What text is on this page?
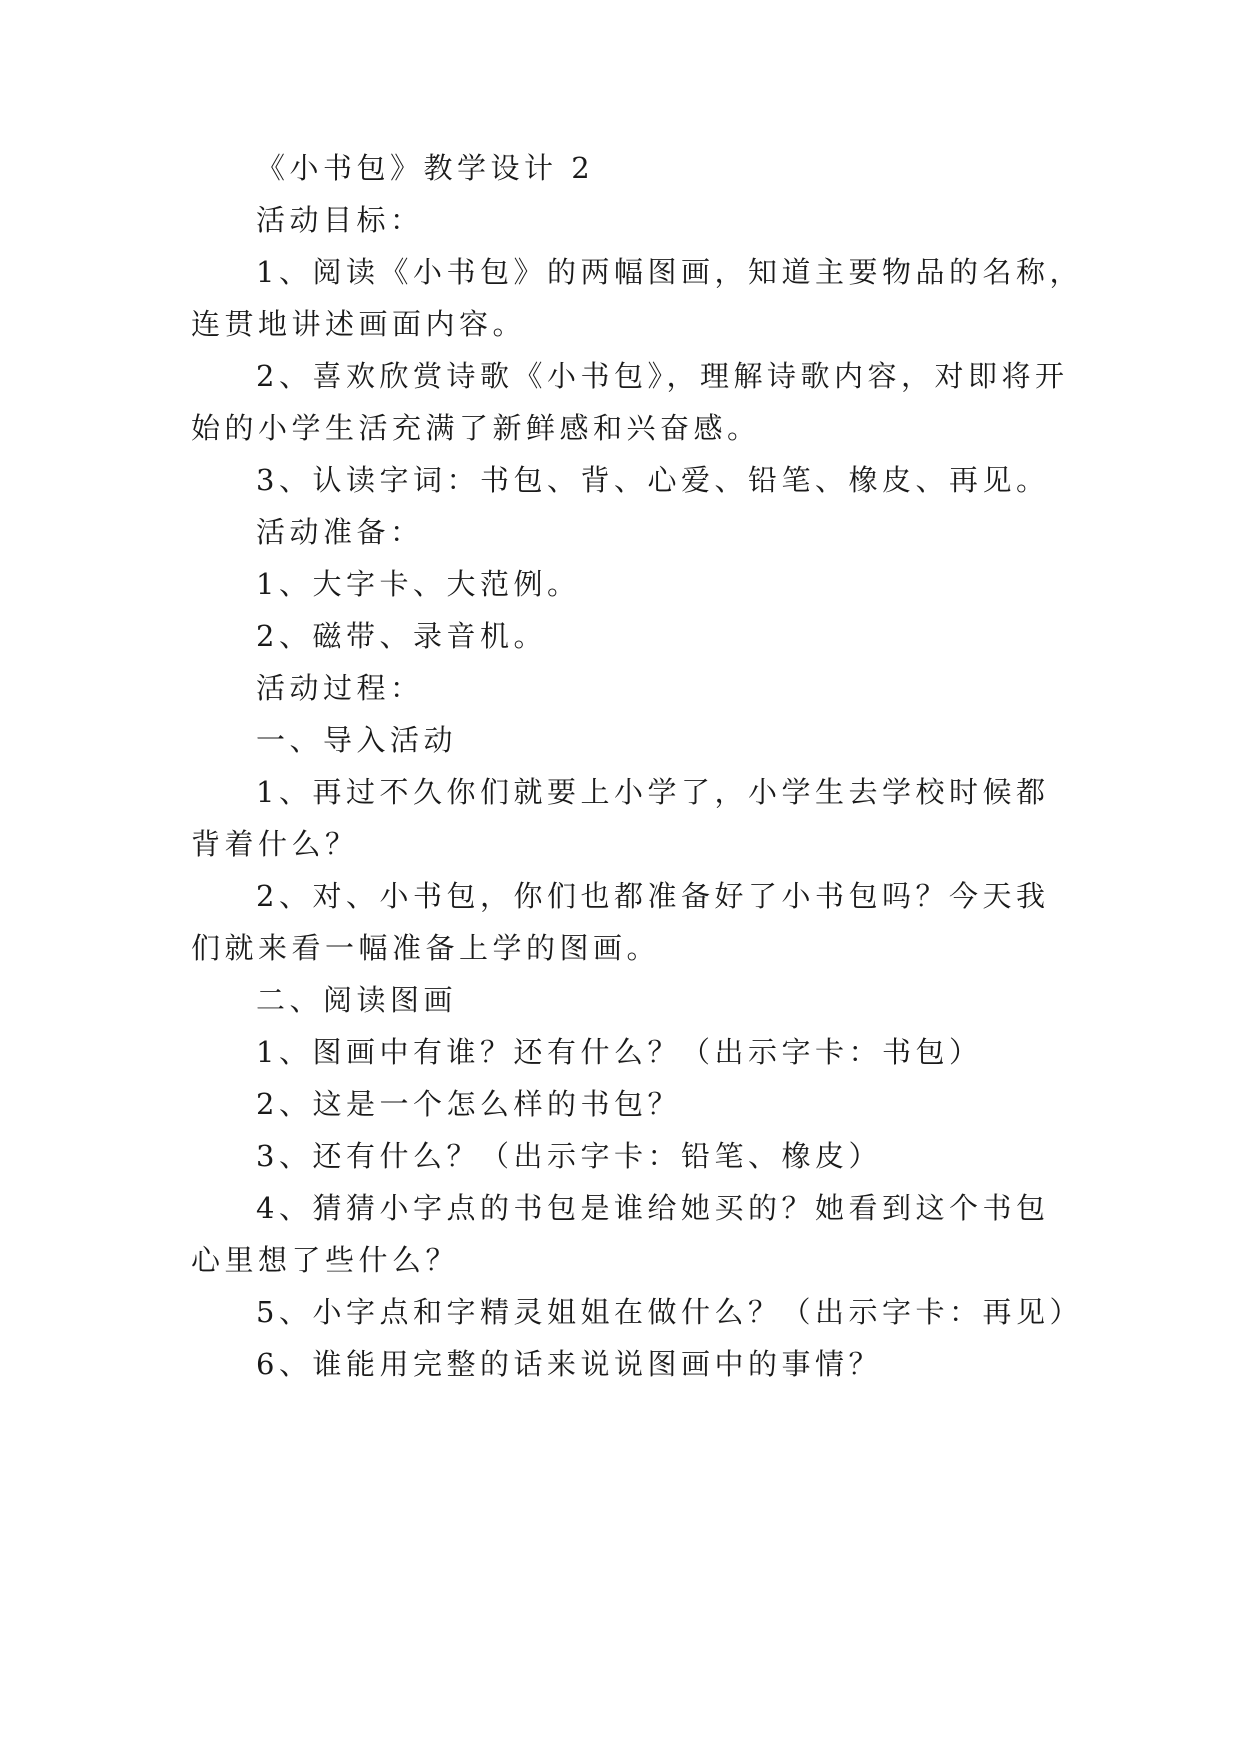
《小书包》教学设计 2
活动目标：
1、阅读《小书包》的两幅图画，知道主要物品的名称，
连贯地讲述画面内容。
2、喜欢欣赏诗歌《小书包》，理解诗歌内容，对即将开
始的小学生活充满了新鲜感和兴奋感。
3、认读字词：书包、背、心爱、铅笔、橡皮、再见。
活动准备：
1、大字卡、大范例。
2、磁带、录音机。
活动过程：
一、导入活动
1、再过不久你们就要上小学了，小学生去学校时候都
背着什么？
2、对、小书包，你们也都准备好了小书包吗？今天我
们就来看一幅准备上学的图画。
二、阅读图画
1、图画中有谁？还有什么？（出示字卡：书包）
2、这是一个怎么样的书包？
3、还有什么？（出示字卡：铅笔、橡皮）
4、猜猜小字点的书包是谁给她买的？她看到这个书包
心里想了些什么？
5、小字点和字精灵姐姐在做什么？（出示字卡：再见）
6、谁能用完整的话来说说图画中的事情？
